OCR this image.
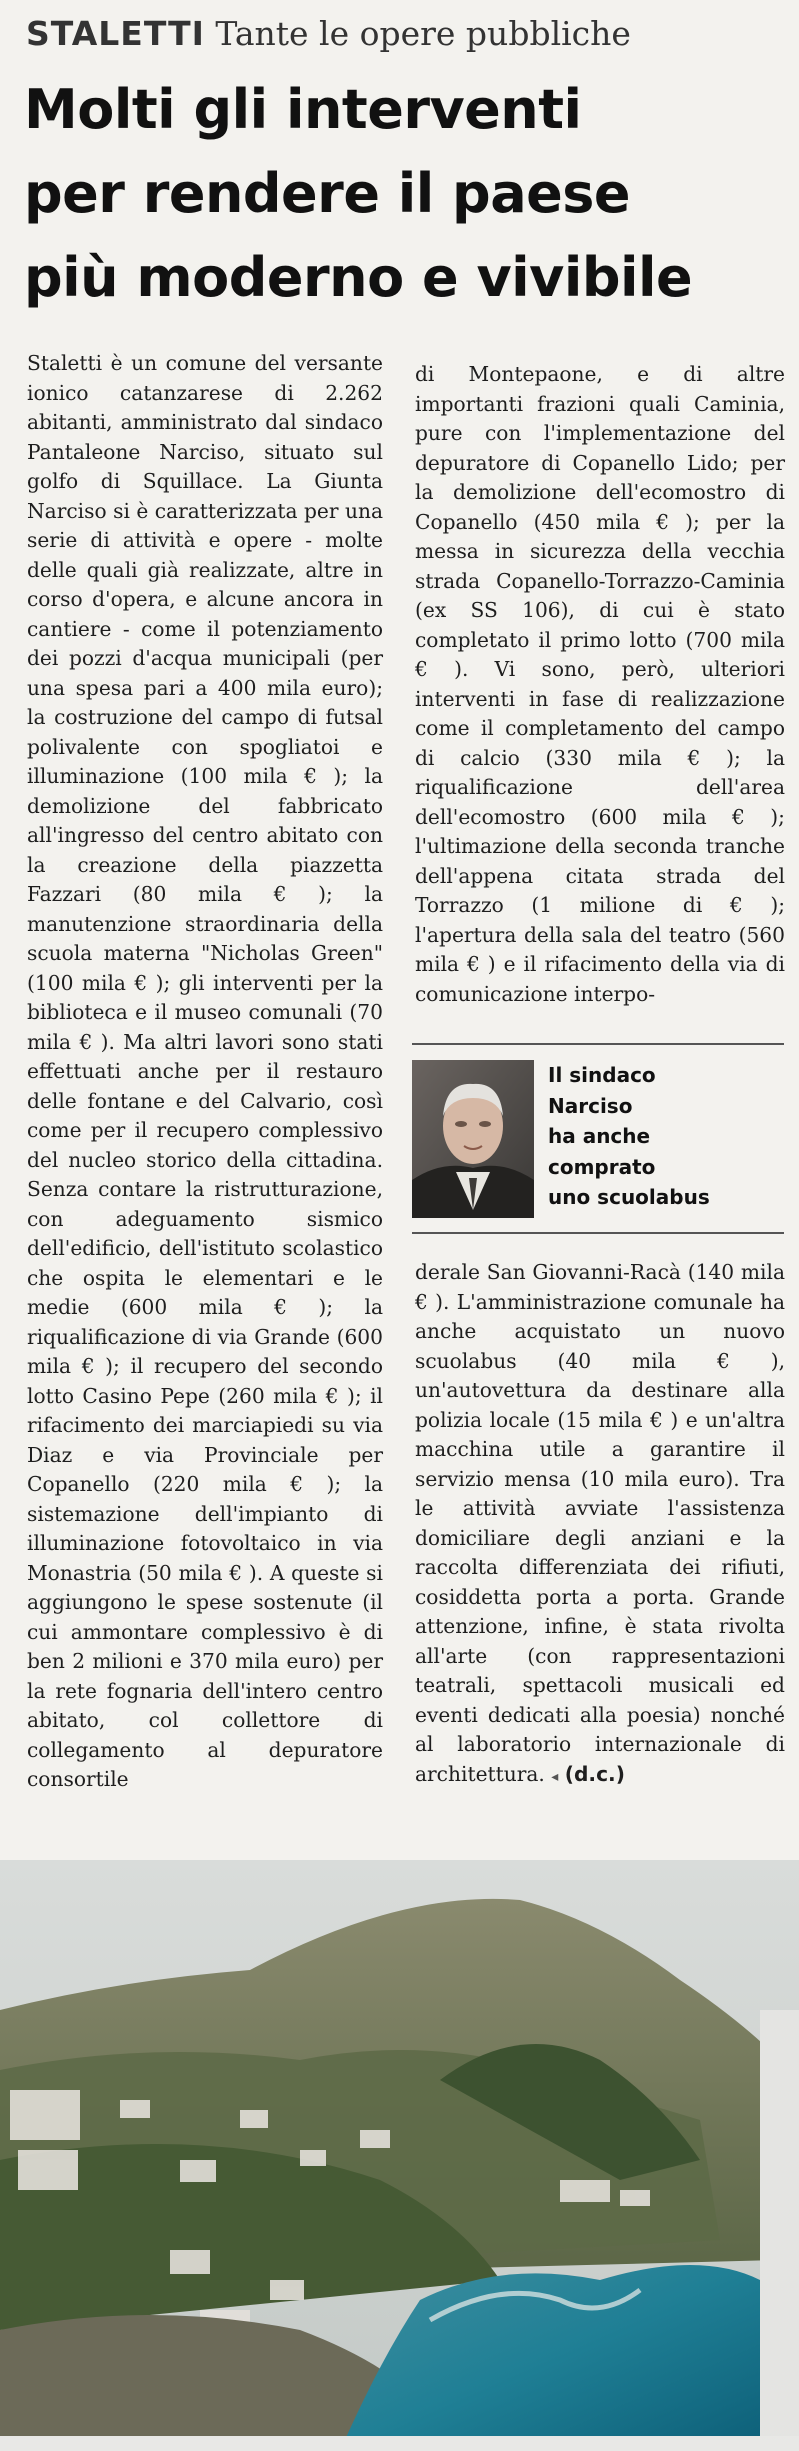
STALETTI Tante le opere pubbliche
Molti gli interventi
per rendere il paese
più moderno e vivibile
Staletti è un comune del versante ionico catanzarese di 2.262 abitanti, amministrato dal sindaco Pantaleone Narciso, situato sul golfo di Squillace. La Giunta Narciso si è caratterizzata per una serie di attività e opere - molte delle quali già realizzate, altre in corso d'opera, e alcune ancora in cantiere - come il potenziamento dei pozzi d'acqua municipali (per una spesa pari a 400 mila euro); la costruzione del campo di futsal polivalente con spogliatoi e illuminazione (100 mila € ); la demolizione del fabbricato all'ingresso del centro abitato con la creazione della piazzetta Fazzari (80 mila € ); la manutenzione straordinaria della scuola materna "Nicholas Green" (100 mila € ); gli interventi per la biblioteca e il museo comunali (70 mila € ). Ma altri lavori sono stati effettuati anche per il restauro delle fontane e del Calvario, così come per il recupero complessivo del nucleo storico della cittadina. Senza contare la ristrutturazione, con adeguamento sismico dell'edificio, dell'istituto scolastico che ospita le elementari e le medie (600 mila € ); la riqualificazione di via Grande (600 mila € ); il recupero del secondo lotto Casino Pepe (260 mila € ); il rifacimento dei marciapiedi su via Diaz e via Provinciale per Copanello (220 mila € ); la sistemazione dell'impianto di illuminazione fotovoltaico in via Monastria (50 mila € ). A queste si aggiungono le spese sostenute (il cui ammontare complessivo è di ben 2 milioni e 370 mila euro) per la rete fognaria dell'intero centro abitato, col collettore di collegamento al depuratore consortile
di Montepaone, e di altre importanti frazioni quali Caminia, pure con l'implementazione del depuratore di Copanello Lido; per la demolizione dell'ecomostro di Copanello (450 mila € ); per la messa in sicurezza della vecchia strada Copanello-Torrazzo-Caminia (ex SS 106), di cui è stato completato il primo lotto (700 mila € ). Vi sono, però, ulteriori interventi in fase di realizzazione come il completamento del campo di calcio (330 mila € ); la riqualificazione dell'area dell'ecomostro (600 mila € ); l'ultimazione della seconda tranche dell'appena citata strada del Torrazzo (1 milione di € ); l'apertura della sala del teatro (560 mila € ) e il rifacimento della via di comunicazione interpo-
Il sindaco
Narciso
ha anche
comprato
uno scuolabus
derale San Giovanni-Racà (140 mila € ). L'amministrazione comunale ha anche acquistato un nuovo scuolabus (40 mila € ), un'autovettura da destinare alla polizia locale (15 mila € ) e un'altra macchina utile a garantire il servizio mensa (10 mila euro). Tra le attività avviate l'assistenza domiciliare degli anziani e la raccolta differenziata dei rifiuti, cosiddetta porta a porta. Grande attenzione, infine, è stata rivolta all'arte (con rappresentazioni teatrali, spettacoli musicali ed eventi dedicati alla poesia) nonché al laboratorio internazionale di architettura. ◂ (d.c.)
